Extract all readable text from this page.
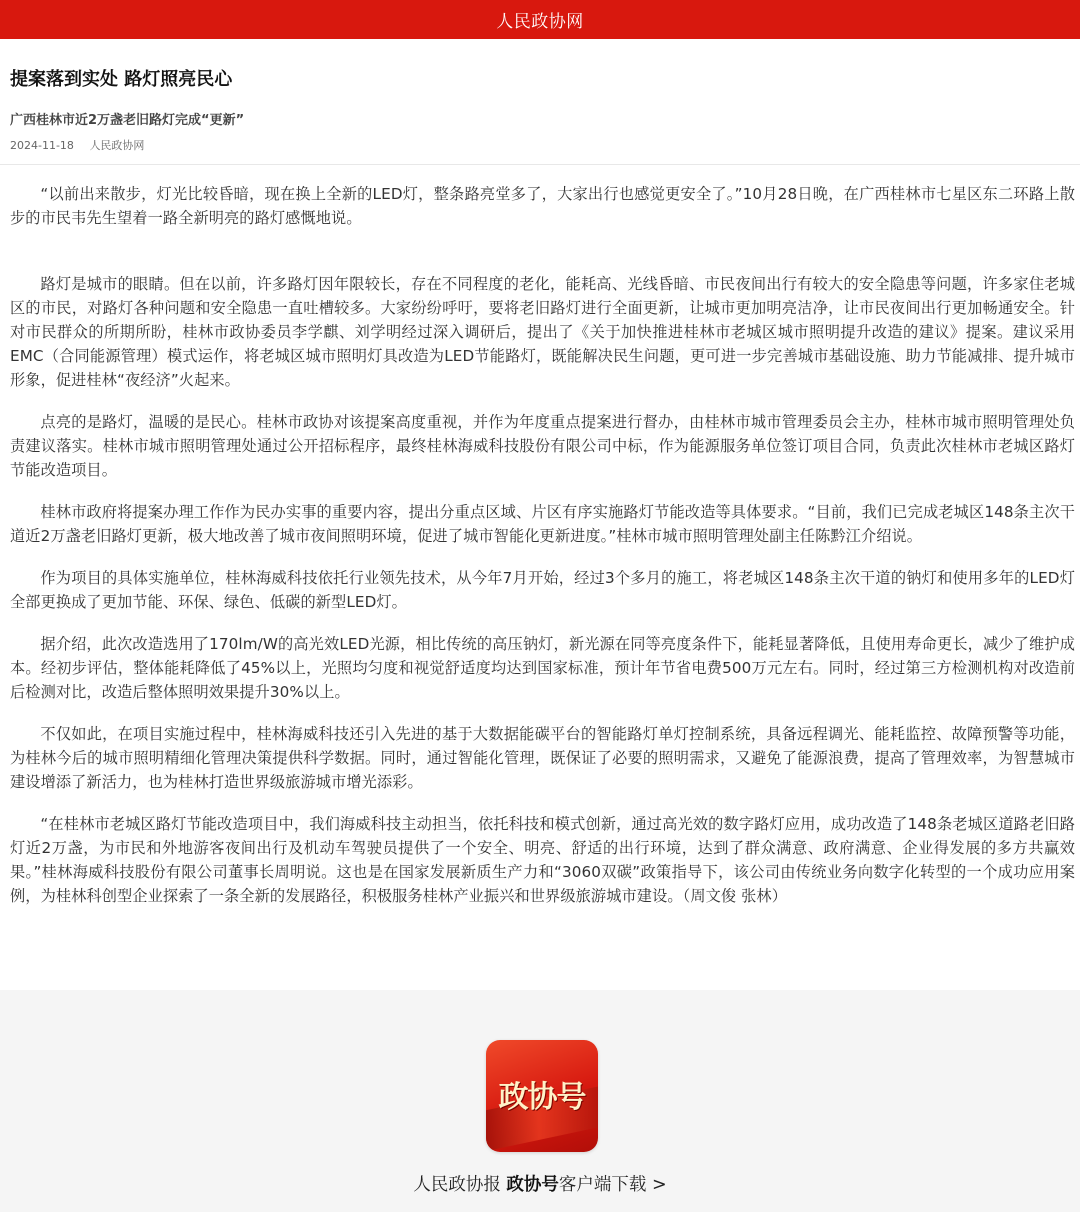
人民政协网
提案落到实处 路灯照亮民心
广西桂林市近2万盏老旧路灯完成“更新”
2024-11-18 人民政协网

“以前出来散步，灯光比较昏暗，现在换上全新的LED灯，整条路亮堂多了，大家出行也感觉更安全了。”10月28日晚，在广西桂林市七星区东二环路上散步的市民韦先生望着一路全新明亮的路灯感慨地说。

路灯是城市的眼睛。但在以前，许多路灯因年限较长，存在不同程度的老化，能耗高、光线昏暗、市民夜间出行有较大的安全隐患等问题，许多家住老城区的市民，对路灯各种问题和安全隐患一直吐槽较多。大家纷纷呼吁，要将老旧路灯进行全面更新，让城市更加明亮洁净，让市民夜间出行更加畅通安全。针对市民群众的所期所盼，桂林市政协委员李学麒、刘学明经过深入调研后，提出了《关于加快推进桂林市老城区城市照明提升改造的建议》提案。建议采用EMC（合同能源管理）模式运作，将老城区城市照明灯具改造为LED节能路灯，既能解决民生问题，更可进一步完善城市基础设施、助力节能减排、提升城市形象，促进桂林“夜经济”火起来。

点亮的是路灯，温暖的是民心。桂林市政协对该提案高度重视，并作为年度重点提案进行督办，由桂林市城市管理委员会主办，桂林市城市照明管理处负责建议落实。桂林市城市照明管理处通过公开招标程序，最终桂林海威科技股份有限公司中标，作为能源服务单位签订项目合同，负责此次桂林市老城区路灯节能改造项目。

桂林市政府将提案办理工作作为民办实事的重要内容，提出分重点区域、片区有序实施路灯节能改造等具体要求。“目前，我们已完成老城区148条主次干道近2万盏老旧路灯更新，极大地改善了城市夜间照明环境，促进了城市智能化更新进度。”桂林市城市照明管理处副主任陈黔江介绍说。

作为项目的具体实施单位，桂林海威科技依托行业领先技术，从今年7月开始，经过3个多月的施工，将老城区148条主次干道的钠灯和使用多年的LED灯全部更换成了更加节能、环保、绿色、低碳的新型LED灯。

据介绍，此次改造选用了170lm/W的高光效LED光源，相比传统的高压钠灯，新光源在同等亮度条件下，能耗显著降低，且使用寿命更长，减少了维护成本。经初步评估，整体能耗降低了45%以上，光照均匀度和视觉舒适度均达到国家标准，预计年节省电费500万元左右。同时，经过第三方检测机构对改造前后检测对比，改造后整体照明效果提升30%以上。

不仅如此，在项目实施过程中，桂林海威科技还引入先进的基于大数据能碳平台的智能路灯单灯控制系统，具备远程调光、能耗监控、故障预警等功能，为桂林今后的城市照明精细化管理决策提供科学数据。同时，通过智能化管理，既保证了必要的照明需求，又避免了能源浪费，提高了管理效率，为智慧城市建设增添了新活力，也为桂林打造世界级旅游城市增光添彩。

“在桂林市老城区路灯节能改造项目中，我们海威科技主动担当，依托科技和模式创新，通过高光效的数字路灯应用，成功改造了148条老城区道路老旧路灯近2万盏，为市民和外地游客夜间出行及机动车驾驶员提供了一个安全、明亮、舒适的出行环境，达到了群众满意、政府满意、企业得发展的多方共赢效果。”桂林海威科技股份有限公司董事长周明说。这也是在国家发展新质生产力和“3060双碳”政策指导下，该公司由传统业务向数字化转型的一个成功应用案例，为桂林科创型企业探索了一条全新的发展路径，积极服务桂林产业振兴和世界级旅游城市建设。（周文俊 张林）

政协号
人民政协报 政协号客户端下载 >
